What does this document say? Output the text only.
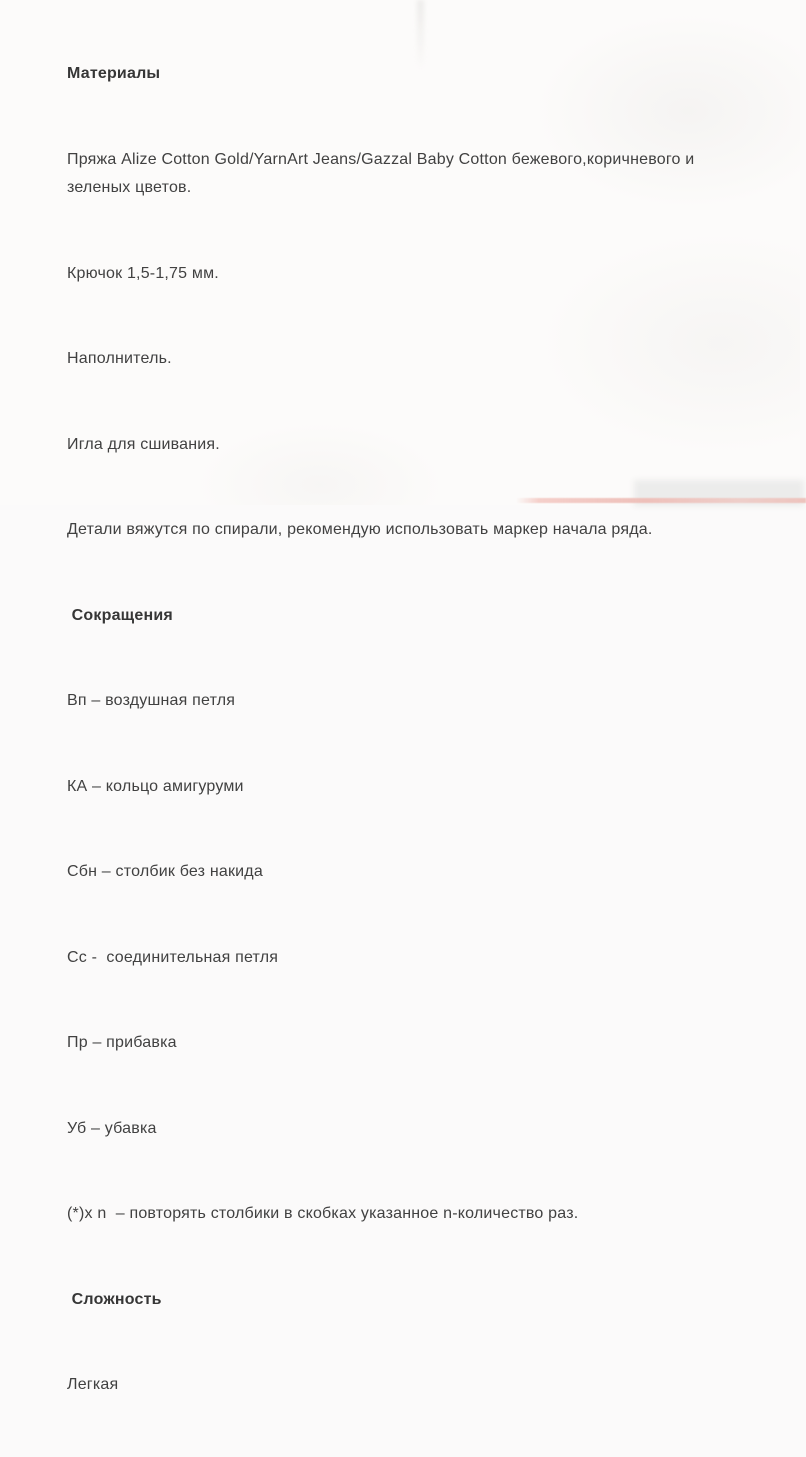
Материалы

Пряжа Alize Cotton Gold/YarnArt Jeans/Gazzal Baby Cotton бежевого,коричневого и зеленых цветов.

Крючок 1,5-1,75 мм.

Наполнитель.

Игла для сшивания.

Детали вяжутся по спирали, рекомендую использовать маркер начала ряда.

Сокращения

Вп – воздушная петля

КА – кольцо амигуруми

Сбн – столбик без накида

Сс -  соединительная петля

Пр – прибавка

Уб – убавка

(*)х n  – повторять столбики в скобках указанное n-количество раз.

Сложность

Легкая
